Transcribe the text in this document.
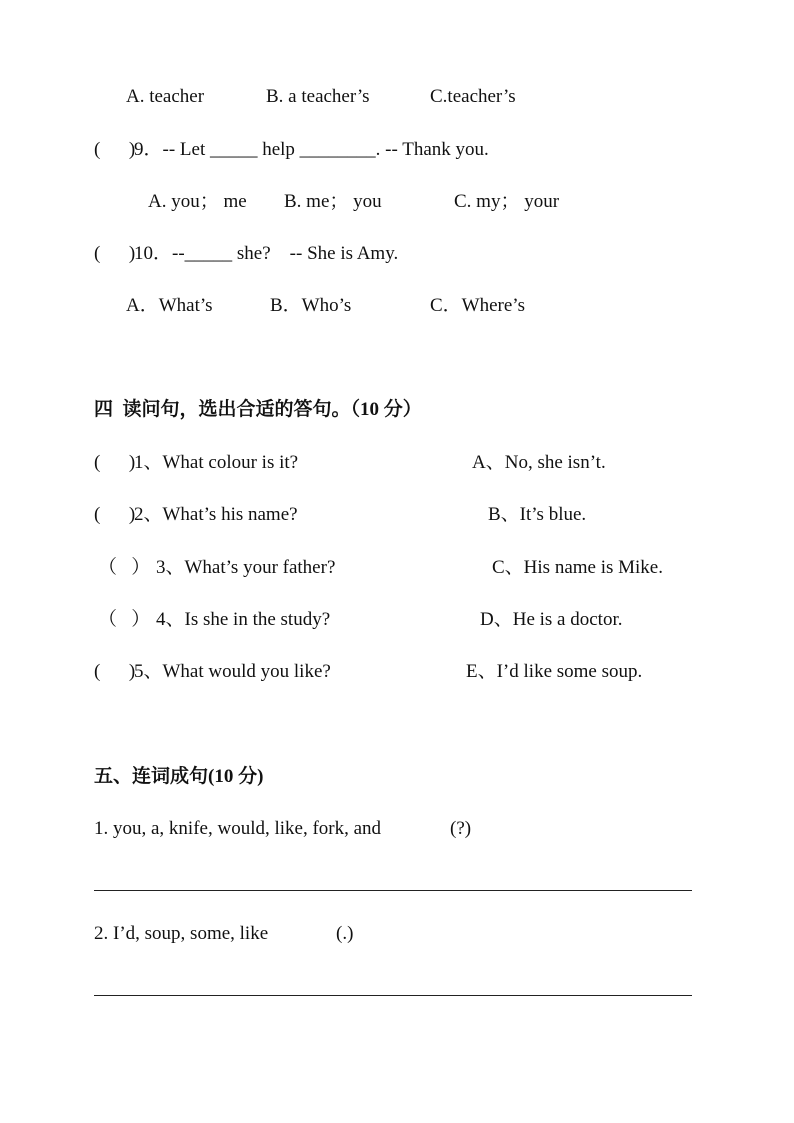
A. teacher	B. a teacher’s	C.teacher’s
(      )
9．-- Let _____ help ________. -- Thank you.
A. you； me B. me； you	C. my； your
(      )
10．--_____ she?    -- She is Amy.
A．What’s	B．Who’s	C．Where’s
四  读问句，选出合适的答句。（10 分）
(      )
1、What colour is it?	A、No, she isn’t.
(      )
2、What’s his name?	B、It’s blue.
（   ） 3、What’s your father?	C、His name is Mike.
（   ） 4、Is she in the study?	D、He is a doctor.
(      )
5、What would you like?	E、I’d like some soup.
五、连词成句(10 分)
1. you, a, knife, would, like, fork, and	(?)
2. I’d, soup, some, like	(.)
